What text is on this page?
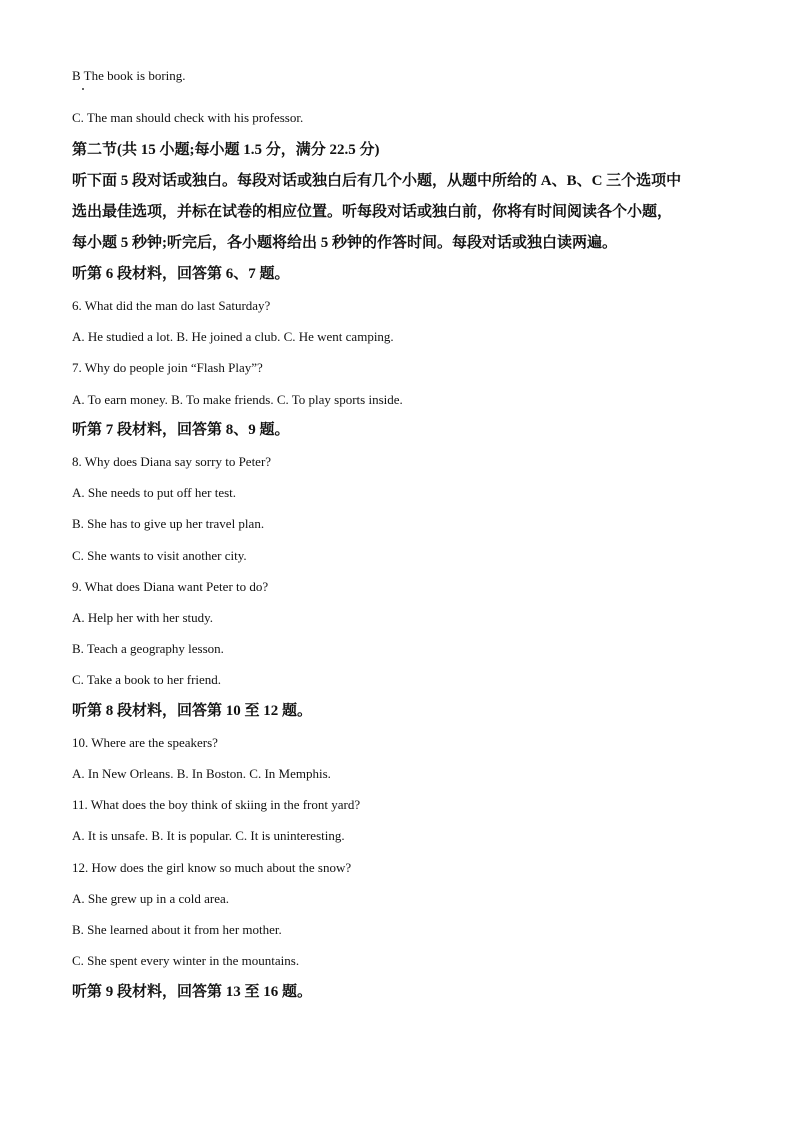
B The book is boring.
C. The man should check with his professor.
第二节(共 15 小题;每小题 1.5 分，满分 22.5 分)
听下面 5 段对话或独白。每段对话或独白后有几个小题，从题中所给的 A、B、C 三个选项中
选出最佳选项，并标在试卷的相应位置。听每段对话或独白前，你将有时间阅读各个小题，
每小题 5 秒钟;听完后，各小题将给出 5 秒钟的作答时间。每段对话或独白读两遍。
听第 6 段材料，回答第 6、7 题。
6. What did the man do last Saturday?
A. He studied a lot. B. He joined a club. C. He went camping.
7. Why do people join “Flash Play”?
A. To earn money. B. To make friends. C. To play sports inside.
听第 7 段材料，回答第 8、9 题。
8. Why does Diana say sorry to Peter?
A. She needs to put off her test.
B. She has to give up her travel plan.
C. She wants to visit another city.
9. What does Diana want Peter to do?
A. Help her with her study.
B. Teach a geography lesson.
C. Take a book to her friend.
听第 8 段材料，回答第 10 至 12 题。
10. Where are the speakers?
A. In New Orleans. B. In Boston. C. In Memphis.
11. What does the boy think of skiing in the front yard?
A. It is unsafe. B. It is popular. C. It is uninteresting.
12. How does the girl know so much about the snow?
A. She grew up in a cold area.
B. She learned about it from her mother.
C. She spent every winter in the mountains.
听第 9 段材料，回答第 13 至 16 题。
